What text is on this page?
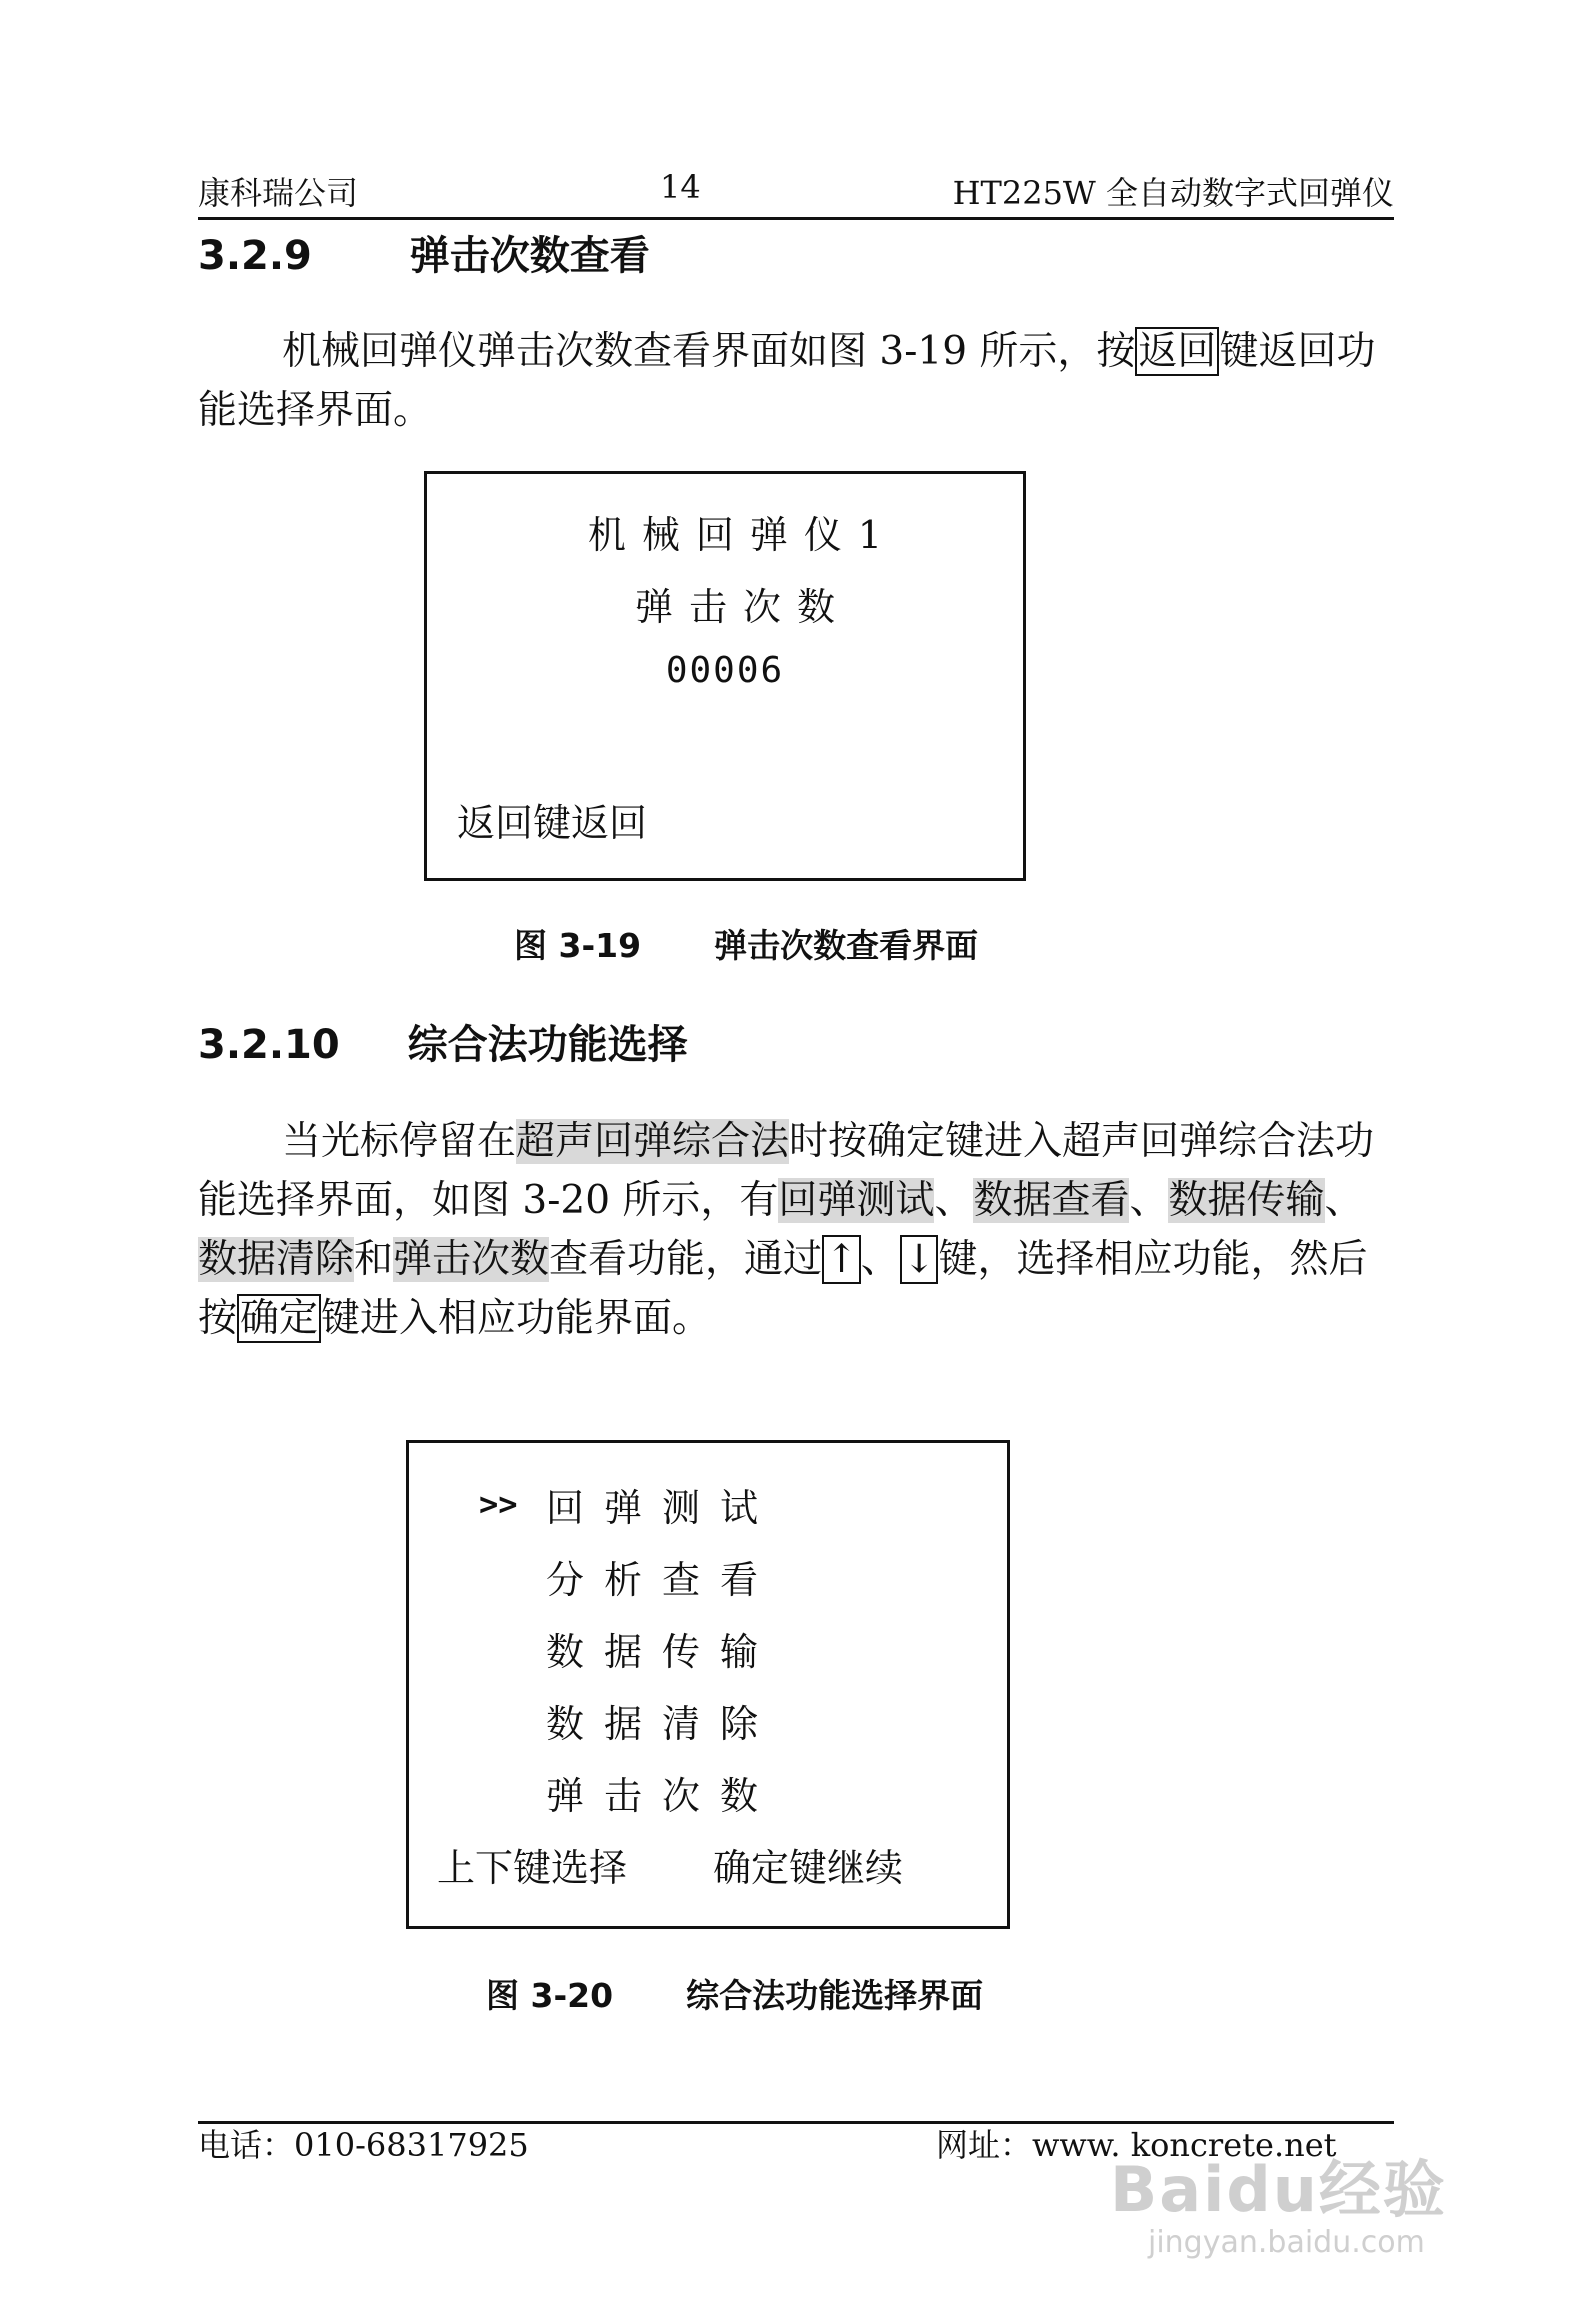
康科瑞公司	14	HT225W 全自动数字式回弹仪
3.2.9 弹击次数查看

机械回弹仪弹击次数查看界面如图 3-19 所示，按返回键返回功能选择界面。

机械回弹仪1
弹击次数
00006
返回键返回
图 3-19 弹击次数查看界面
3.2.10 综合法功能选择

当光标停留在超声回弹综合法时按确定键进入超声回弹综合法功能选择界面，如图 3-20 所示，有回弹测试、数据查看、数据传输、数据清除和弹击次数查看功能，通过↑、↓键，选择相应功能，然后按确定键进入相应功能界面。

>> 回弹测试
分析查看
数据传输
数据清除
弹击次数
上下键选择 确定键继续
图 3-20 综合法功能选择界面
电话：010-68317925	网址：www. koncrete.net
Baidu经验
jingyan.baidu.com
